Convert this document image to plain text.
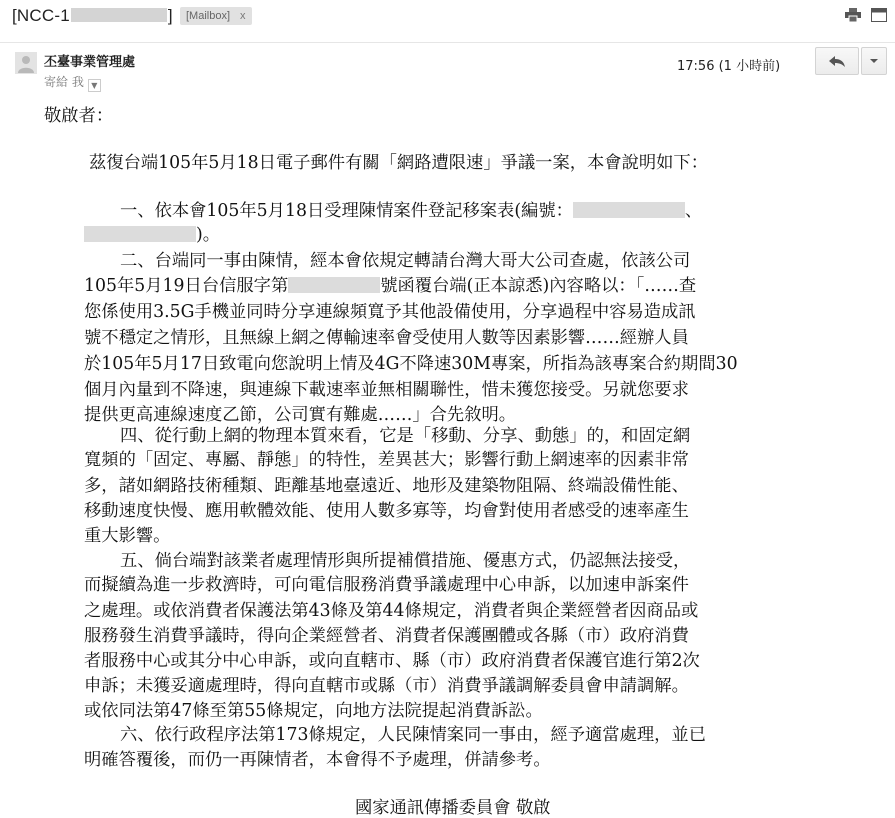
[NCC-1	]	[Mailbox] x
丕臺事業管理處
寄給 我 ▼
17:56 (1 小時前)
敬啟者：
茲復台端105年5月18日電子郵件有關「網路遭限速」爭議一案，本會說明如下：
一、依本會105年5月18日受理陳情案件登記移案表(編號：	、
)。
二、台端同一事由陳情，經本會依規定轉請台灣大哥大公司查處，依該公司
105年5月19日台信服字第	號函覆台端(正本諒悉)內容略以：「……查
您係使用3.5G手機並同時分享連線頻寬予其他設備使用，分享過程中容易造成訊
號不穩定之情形，且無線上網之傳輸速率會受使用人數等因素影響……經辦人員
於105年5月17日致電向您說明上情及4G不降速30M專案，所指為該專案合約期間30
個月內量到不降速，與連線下載速率並無相關聯性，惜未獲您接受。另就您要求
提供更高連線速度乙節，公司實有難處……」合先敘明。
四、從行動上網的物理本質來看，它是「移動、分享、動態」的，和固定網
寬頻的「固定、專屬、靜態」的特性，差異甚大；影響行動上網速率的因素非常
多，諸如網路技術種類、距離基地臺遠近、地形及建築物阻隔、終端設備性能、
移動速度快慢、應用軟體效能、使用人數多寡等，均會對使用者感受的速率產生
重大影響。
五、倘台端對該業者處理情形與所提補償措施、優惠方式，仍認無法接受，
而擬續為進一步救濟時，可向電信服務消費爭議處理中心申訴，以加速申訴案件
之處理。或依消費者保護法第43條及第44條規定，消費者與企業經營者因商品或
服務發生消費爭議時，得向企業經營者、消費者保護團體或各縣（市）政府消費
者服務中心或其分中心申訴，或向直轄市、縣（市）政府消費者保護官進行第2次
申訴；未獲妥適處理時，得向直轄市或縣（市）消費爭議調解委員會申請調解。
或依同法第47條至第55條規定，向地方法院提起消費訴訟。
六、依行政程序法第173條規定，人民陳情案同一事由，經予適當處理，並已
明確答覆後，而仍一再陳情者，本會得不予處理，併請參考。
國家通訊傳播委員會 敬啟
